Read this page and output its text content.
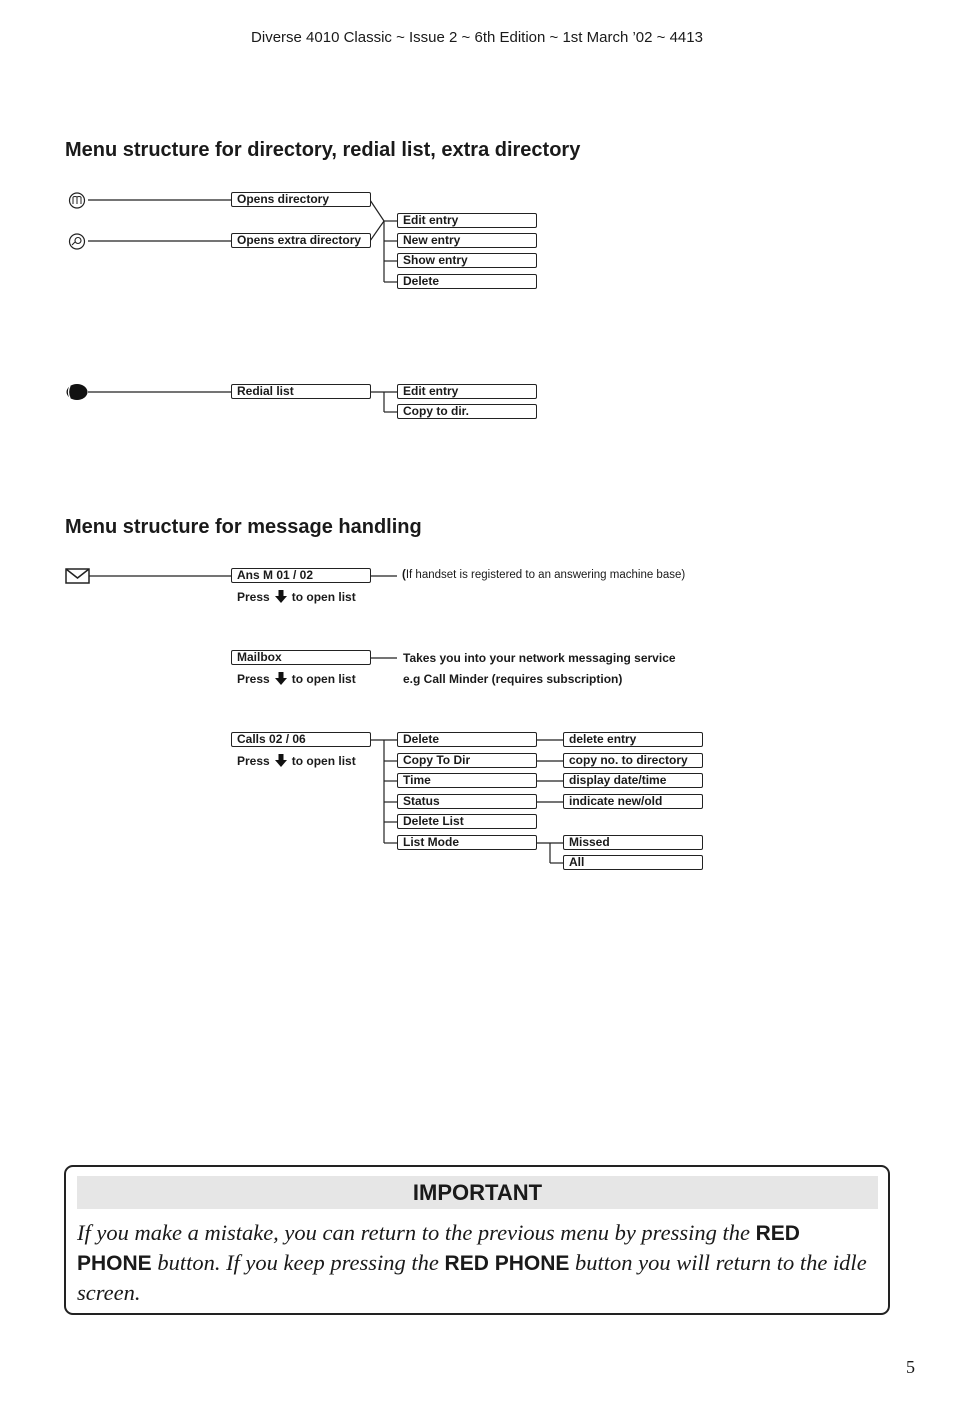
Diverse 4010 Classic ~ Issue 2 ~ 6th Edition ~ 1st March ’02 ~ 4413
Menu structure for directory, redial list, extra directory
Opens directory
Opens extra directory
Edit entry
New entry
Show entry
Delete
Redial list	Edit entry
Copy to dir.
Menu structure for message handling
Ans M 01 / 02	(If handset is registered to an answering machine base)
Press to open list
Mailbox	Takes you into your network messaging service
e.g Call Minder (requires subscription)
Press to open list
Calls 02 / 06
Press to open list
Delete
Copy To Dir
Time
Status
Delete List
List Mode
delete entry
copy no. to directory
display date/time
indicate new/old
Missed
All
IMPORTANT
If you make a mistake, you can return to the previous menu by pressing the RED PHONE button. If you keep pressing the RED PHONE button you will return to the idle screen.
5
